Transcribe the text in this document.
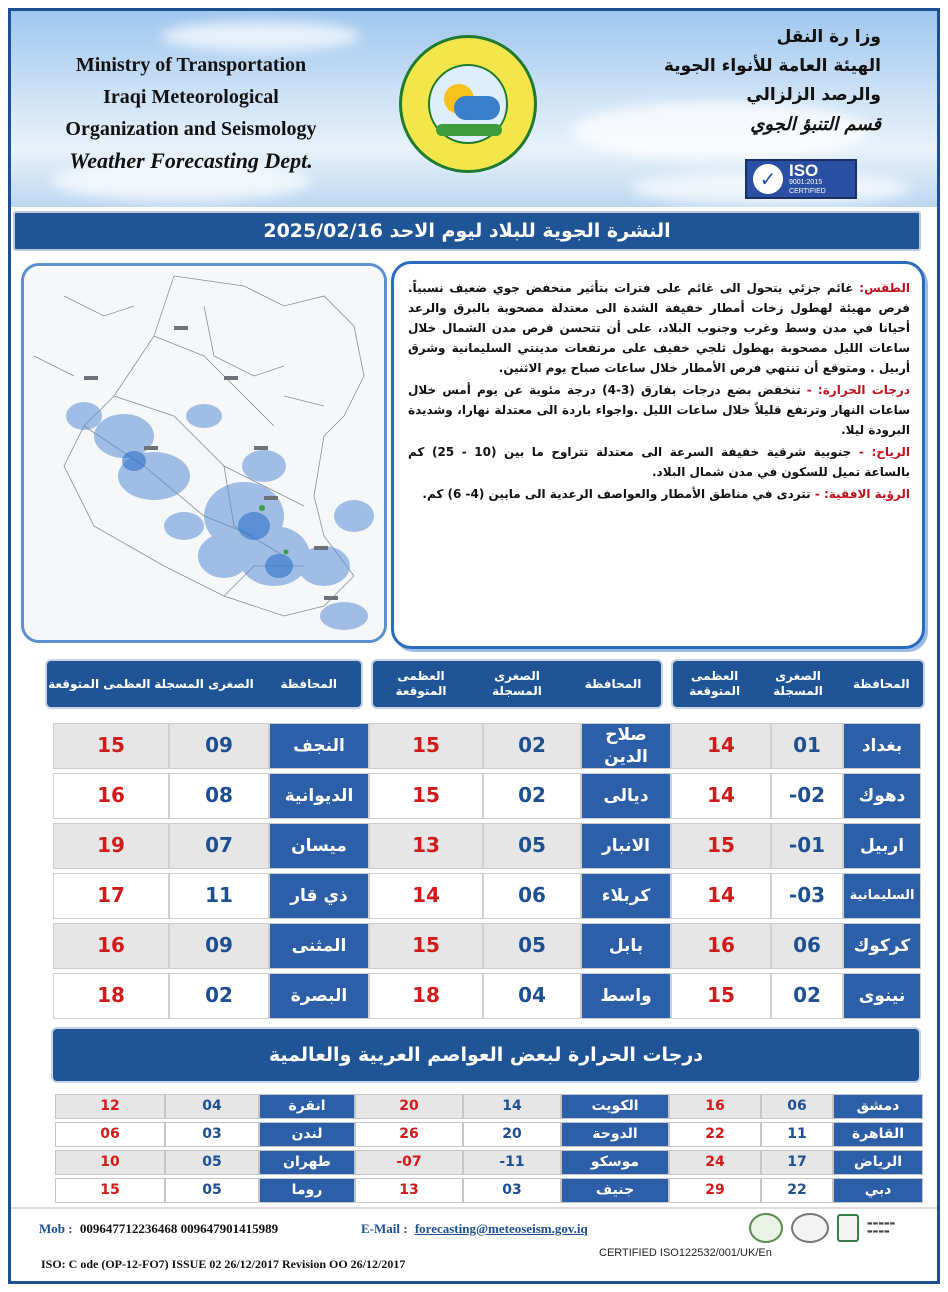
Ministry of Transportation
Iraqi Meteorological
Organization and Seismology
Weather Forecasting Dept.
وزا رة النقل
الهيئة العامة للأنواء الجوية
والرصد الزلزالي
قسم التنبؤ الجوي
✓ ISO
9001:2015
CERTIFIED
النشرة الجوية للبلاد ليوم الاحد 2025/02/16

الطقس: غائم جزئي يتحول الى غائم على فترات بتأثير منخفض جوي ضعيف نسبياً. فرص مهيئة لهطول زخات أمطار خفيفة الشدة الى معتدلة مصحوبة بالبرق والرعد أحيانا في مدن وسط وغرب وجنوب البلاد، على أن تتحسن فرص مدن الشمال خلال ساعات الليل مصحوبة بهطول ثلجي خفيف على مرتفعات مدينتي السليمانية وشرق أربيل . ومتوقع أن تنتهي فرص الأمطار خلال ساعات صباح يوم الاثنين.

درجات الحرارة: - تنخفض بضع درجات بفارق (3-4) درجة مئوية عن يوم أمس خلال ساعات النهار وترتفع قليلاً خلال ساعات الليل .واجواء باردة الى معتدلة نهارا، وشديدة البرودة ليلا.

الرياح: - جنوبية شرقية خفيفة السرعة الى معتدلة تتراوح ما بين (10 - 25) كم بالساعة تميل للسكون في مدن شمال البلاد.

الرؤية الافقية: - تتردى في مناطق الأمطار والعواصف الرعدية الى مابين (4- 6) كم.

المحافظة
الصغرى المسجلة
العظمى المتوقعة
المحافظة
الصغرى المسجلة
العظمى المتوقعة
المحافظة
الصغرى المسجلة
العظمى المتوقعة
بغداد
01
14
صلاح الدين
02
15
النجف
09
15
دهوك
-02
14
ديالى
02
15
الديوانية
08
16
اربيل
-01
15
الانبار
05
13
ميسان
07
19
السليمانية
-03
14
كربلاء
06
14
ذي قار
11
17
كركوك
06
16
بابل
05
15
المثنى
09
16
نينوى
02
15
واسط
04
18
البصرة
02
18
درجات الحرارة لبعض العواصم العربية والعالمية
دمشق
06
16
الكويت
14
20
انقرة
04
12
القاهرة
11
22
الدوحة
20
26
لندن
03
06
الرياض
17
24
موسكو
-11
-07
طهران
05
10
دبي
22
29
جنيف
03
13
روما
05
15
Mob : 009647712236468 009647901415989	E-Mail : forecasting@meteoseism.gov.iq	▬▬▬▬▬
▬▬▬▬
ISO: C ode (OP-12-FO7) ISSUE 02 26/12/2017 Revision OO 26/12/2017
CERTIFIED ISO122532/001/UK/En
